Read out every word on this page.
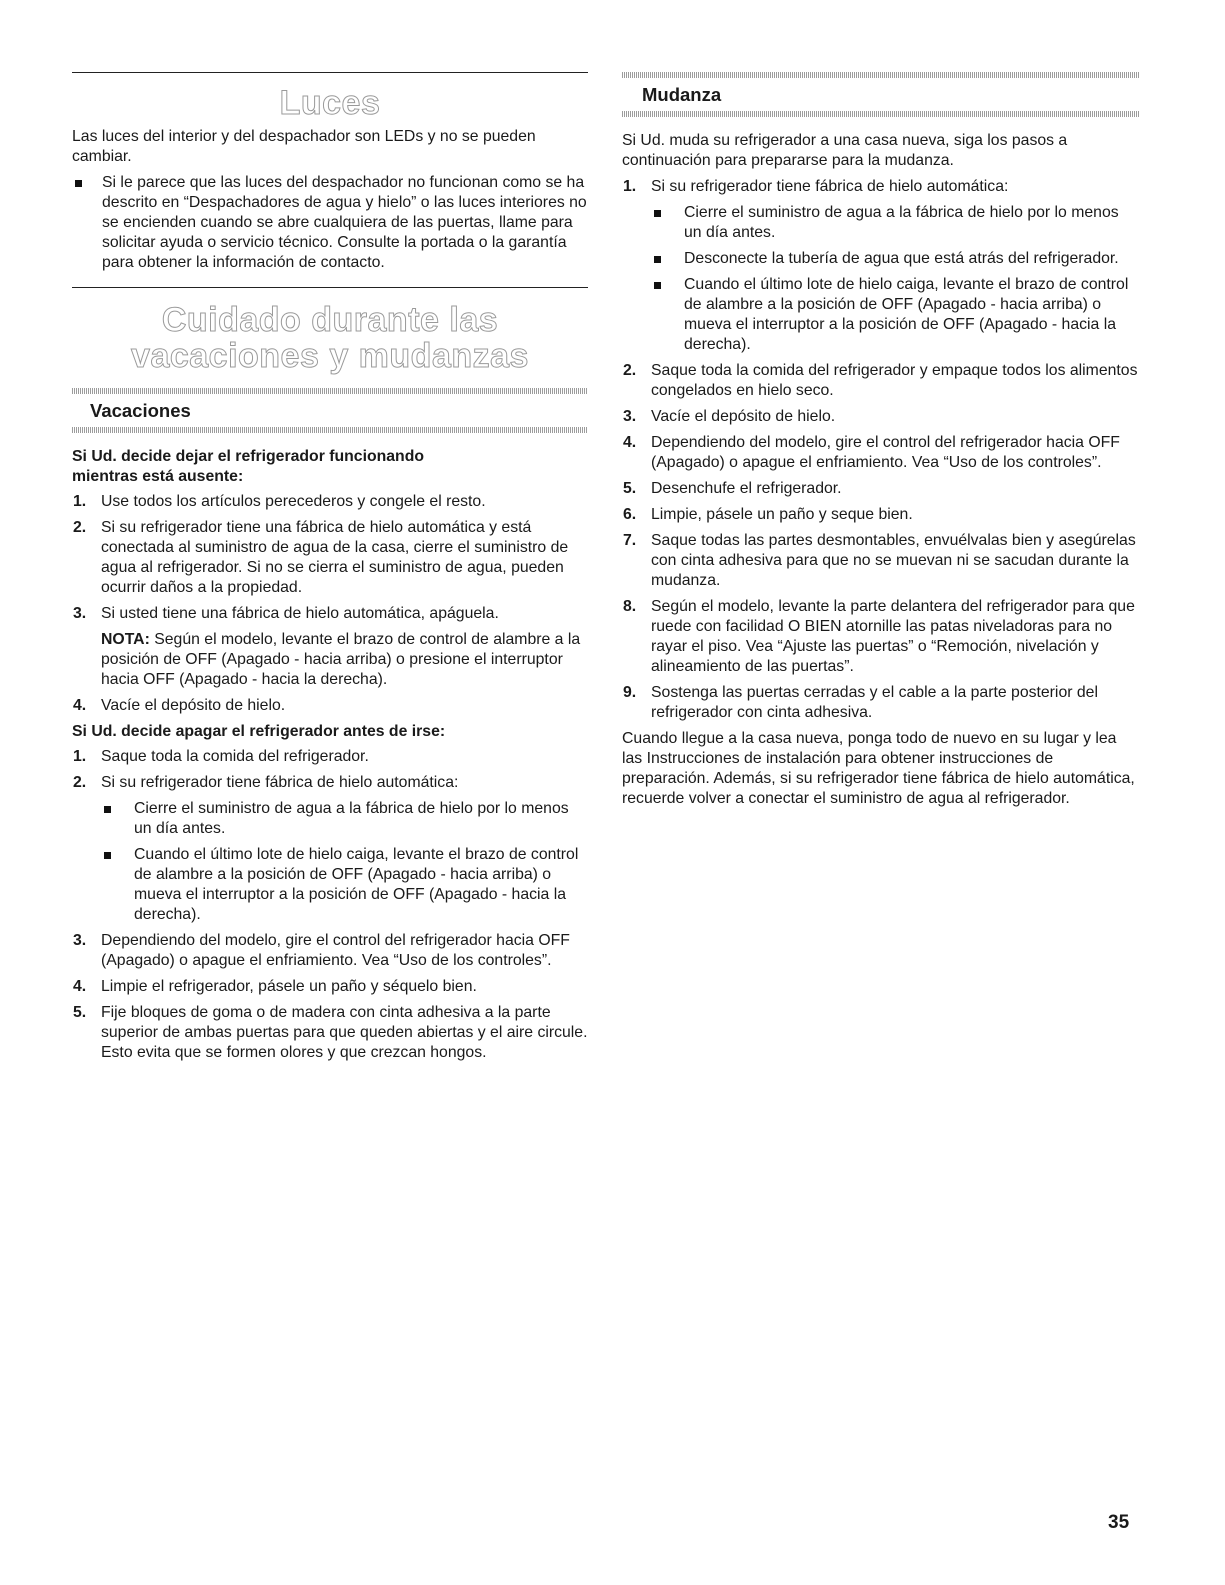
Luces

Las luces del interior y del despachador son LEDs y no se pueden cambiar.

Si le parece que las luces del despachador no funcionan como se ha descrito en “Despachadores de agua y hielo” o las luces interiores no se encienden cuando se abre cualquiera de las puertas, llame para solicitar ayuda o servicio técnico. Consulte la portada o la garantía para obtener la información de contacto.
Cuidado durante las vacaciones y mudanzas
Vacaciones

Si Ud. decide dejar el refrigerador funcionando mientras está ausente:

1. Use todos los artículos perecederos y congele el resto.
2. Si su refrigerador tiene una fábrica de hielo automática y está conectada al suministro de agua de la casa, cierre el suministro de agua al refrigerador. Si no se cierra el suministro de agua, pueden ocurrir daños a la propiedad.
3. Si usted tiene una fábrica de hielo automática, apáguela.

NOTA: Según el modelo, levante el brazo de control de alambre a la posición de OFF (Apagado - hacia arriba) o presione el interruptor hacia OFF (Apagado - hacia la derecha).

4. Vacíe el depósito de hielo.

Si Ud. decide apagar el refrigerador antes de irse:

1. Saque toda la comida del refrigerador.
2. Si su refrigerador tiene fábrica de hielo automática:
Cierre el suministro de agua a la fábrica de hielo por lo menos un día antes.
Cuando el último lote de hielo caiga, levante el brazo de control de alambre a la posición de OFF (Apagado - hacia arriba) o mueva el interruptor a la posición de OFF (Apagado - hacia la derecha).
3. Dependiendo del modelo, gire el control del refrigerador hacia OFF (Apagado) o apague el enfriamiento. Vea “Uso de los controles”.
4. Limpie el refrigerador, pásele un paño y séquelo bien.
5. Fije bloques de goma o de madera con cinta adhesiva a la parte superior de ambas puertas para que queden abiertas y el aire circule. Esto evita que se formen olores y que crezcan hongos.
Mudanza

Si Ud. muda su refrigerador a una casa nueva, siga los pasos a continuación para prepararse para la mudanza.

1. Si su refrigerador tiene fábrica de hielo automática:
Cierre el suministro de agua a la fábrica de hielo por lo menos un día antes.
Desconecte la tubería de agua que está atrás del refrigerador.
Cuando el último lote de hielo caiga, levante el brazo de control de alambre a la posición de OFF (Apagado - hacia arriba) o mueva el interruptor a la posición de OFF (Apagado - hacia la derecha).
2. Saque toda la comida del refrigerador y empaque todos los alimentos congelados en hielo seco.
3. Vacíe el depósito de hielo.
4. Dependiendo del modelo, gire el control del refrigerador hacia OFF (Apagado) o apague el enfriamiento. Vea “Uso de los controles”.
5. Desenchufe el refrigerador.
6. Limpie, pásele un paño y seque bien.
7. Saque todas las partes desmontables, envuélvalas bien y asegúrelas con cinta adhesiva para que no se muevan ni se sacudan durante la mudanza.
8. Según el modelo, levante la parte delantera del refrigerador para que ruede con facilidad O BIEN atornille las patas niveladoras para no rayar el piso. Vea “Ajuste las puertas” o “Remoción, nivelación y alineamiento de las puertas”.
9. Sostenga las puertas cerradas y el cable a la parte posterior del refrigerador con cinta adhesiva.

Cuando llegue a la casa nueva, ponga todo de nuevo en su lugar y lea las Instrucciones de instalación para obtener instrucciones de preparación. Además, si su refrigerador tiene fábrica de hielo automática, recuerde volver a conectar el suministro de agua al refrigerador.

35
